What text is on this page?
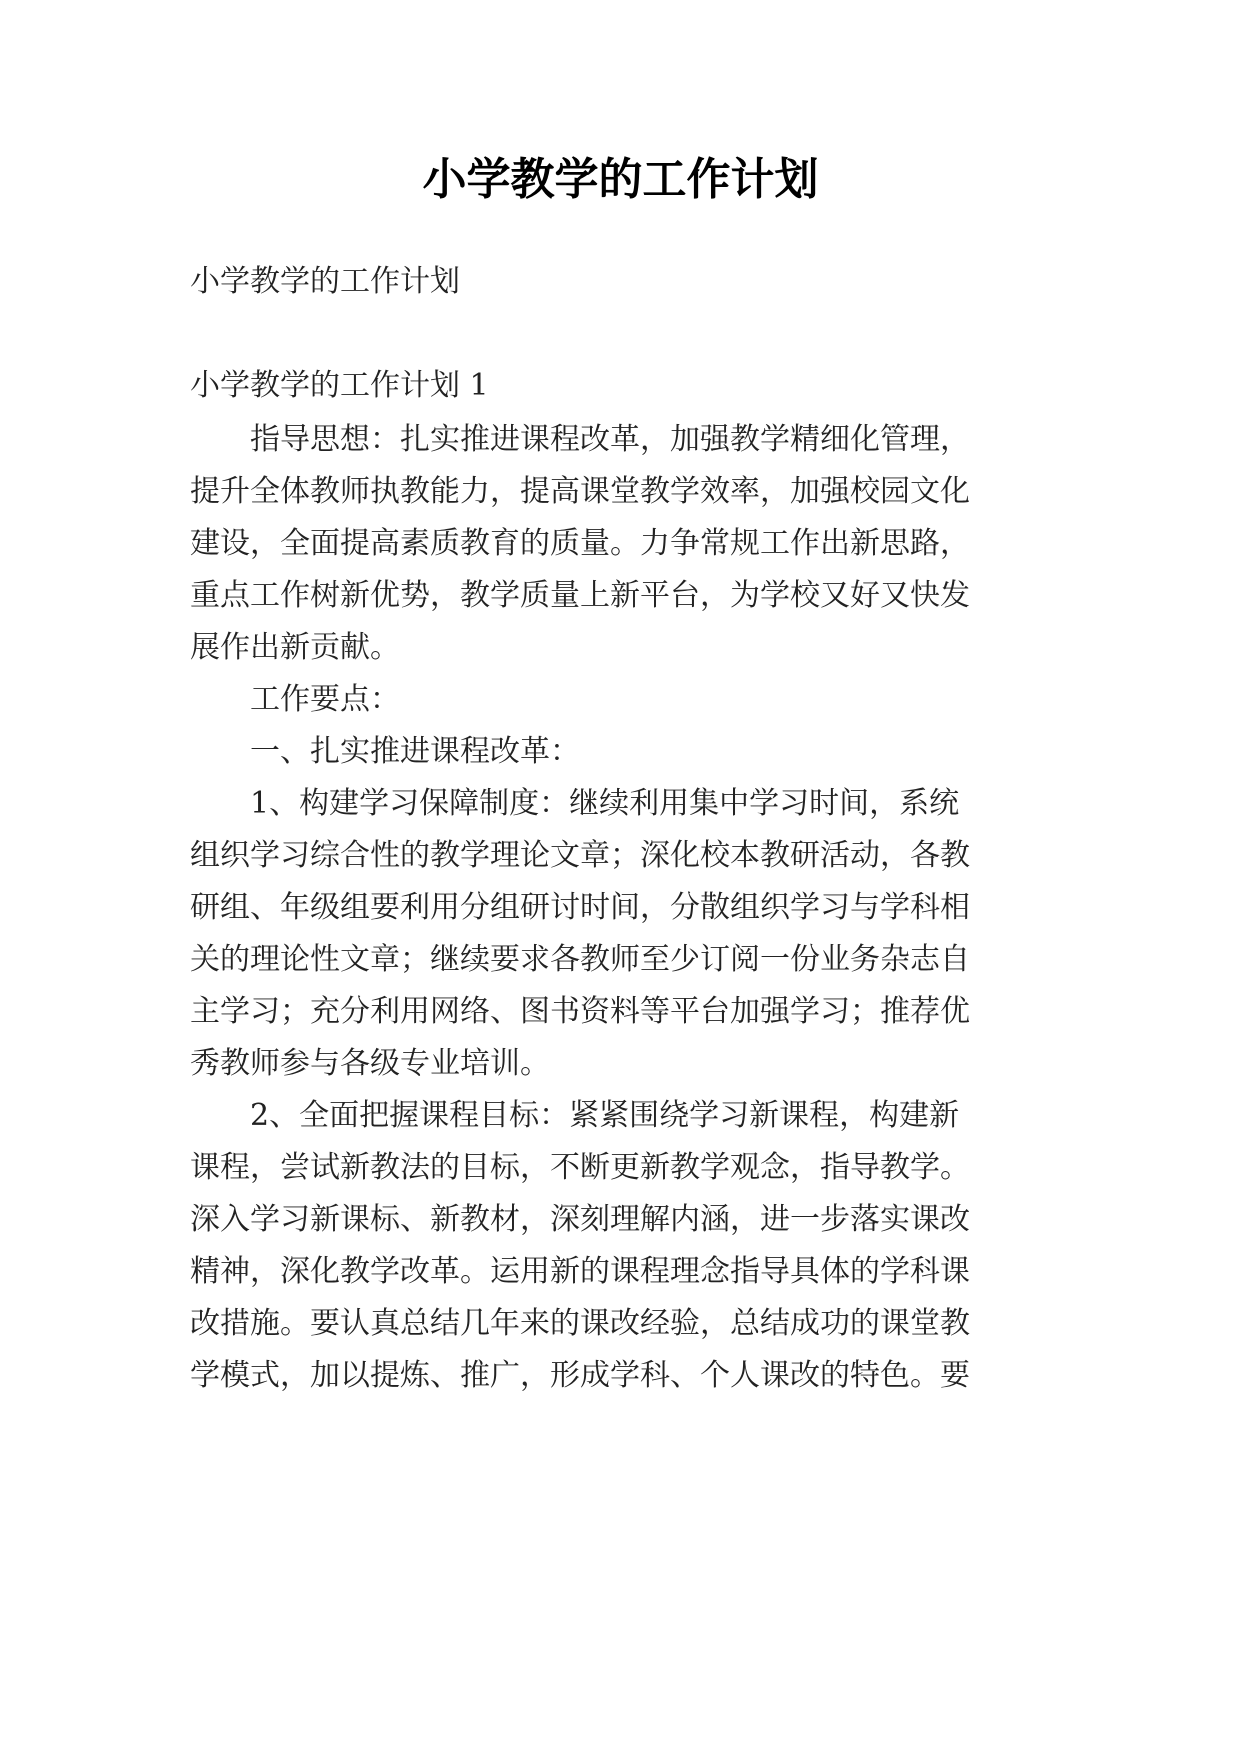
小学教学的工作计划
小学教学的工作计划
小学教学的工作计划 1
指导思想：扎实推进课程改革，加强教学精细化管理，
提升全体教师执教能力，提高课堂教学效率，加强校园文化
建设，全面提高素质教育的质量。力争常规工作出新思路，
重点工作树新优势，教学质量上新平台，为学校又好又快发
展作出新贡献。
工作要点：
一、扎实推进课程改革：
1、构建学习保障制度：继续利用集中学习时间，系统
组织学习综合性的教学理论文章；深化校本教研活动，各教
研组、年级组要利用分组研讨时间，分散组织学习与学科相
关的理论性文章；继续要求各教师至少订阅一份业务杂志自
主学习；充分利用网络、图书资料等平台加强学习；推荐优
秀教师参与各级专业培训。
2、全面把握课程目标：紧紧围绕学习新课程，构建新
课程，尝试新教法的目标，不断更新教学观念，指导教学。
深入学习新课标、新教材，深刻理解内涵，进一步落实课改
精神，深化教学改革。运用新的课程理念指导具体的学科课
改措施。要认真总结几年来的课改经验，总结成功的课堂教
学模式，加以提炼、推广，形成学科、个人课改的特色。要
